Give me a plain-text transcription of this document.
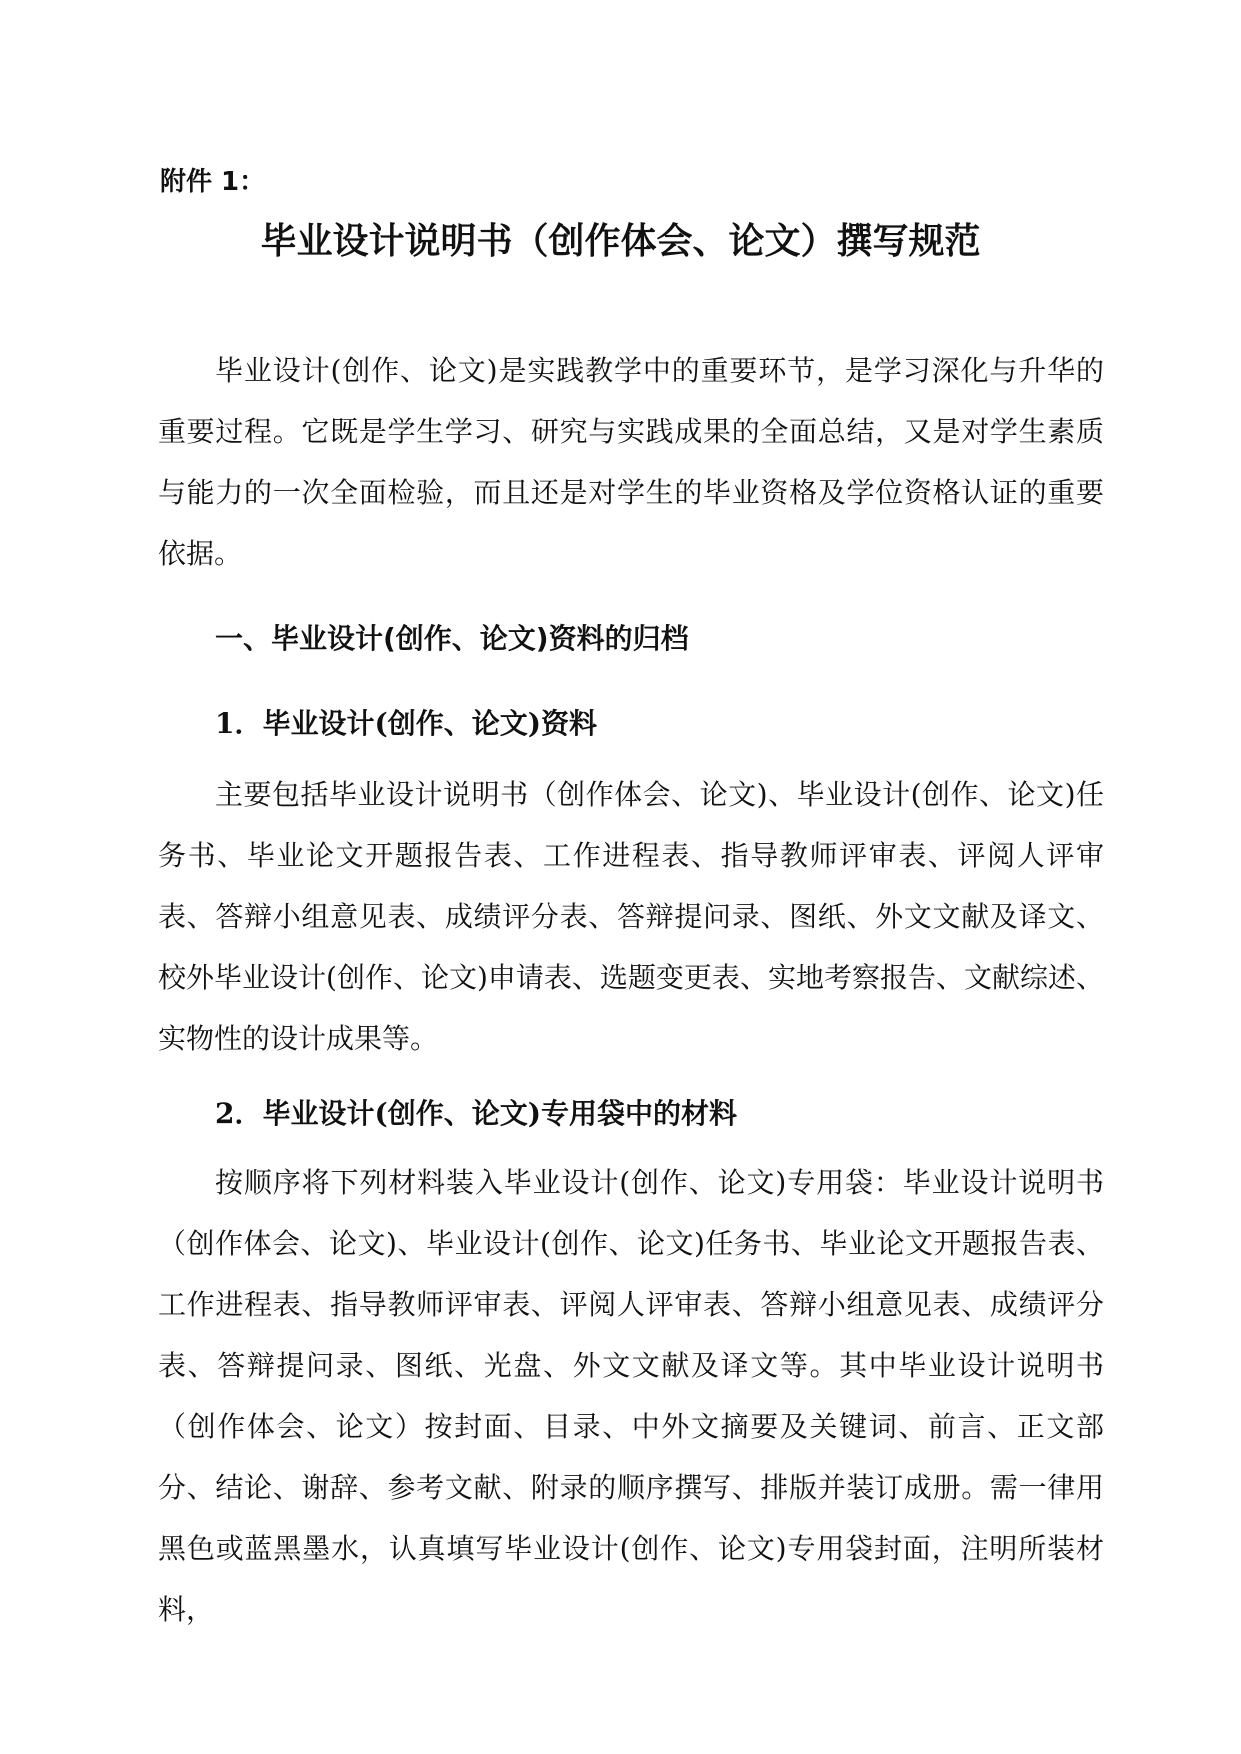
附件 1：
毕业设计说明书（创作体会、论文）撰写规范

毕业设计(创作、论文)是实践教学中的重要环节，是学习深化与升华的重要过程。它既是学生学习、研究与实践成果的全面总结，又是对学生素质与能力的一次全面检验，而且还是对学生的毕业资格及学位资格认证的重要依据。

一、毕业设计(创作、论文)资料的归档
1．毕业设计(创作、论文)资料

主要包括毕业设计说明书（创作体会、论文)、毕业设计(创作、论文)任务书、毕业论文开题报告表、工作进程表、指导教师评审表、评阅人评审表、答辩小组意见表、成绩评分表、答辩提问录、图纸、外文文献及译文、校外毕业设计(创作、论文)申请表、选题变更表、实地考察报告、文献综述、实物性的设计成果等。

2．毕业设计(创作、论文)专用袋中的材料

按顺序将下列材料装入毕业设计(创作、论文)专用袋：毕业设计说明书（创作体会、论文)、毕业设计(创作、论文)任务书、毕业论文开题报告表、工作进程表、指导教师评审表、评阅人评审表、答辩小组意见表、成绩评分表、答辩提问录、图纸、光盘、外文文献及译文等。其中毕业设计说明书（创作体会、论文）按封面、目录、中外文摘要及关键词、前言、正文部分、结论、谢辞、参考文献、附录的顺序撰写、排版并装订成册。需一律用黑色或蓝黑墨水，认真填写毕业设计(创作、论文)专用袋封面，注明所装材料，
